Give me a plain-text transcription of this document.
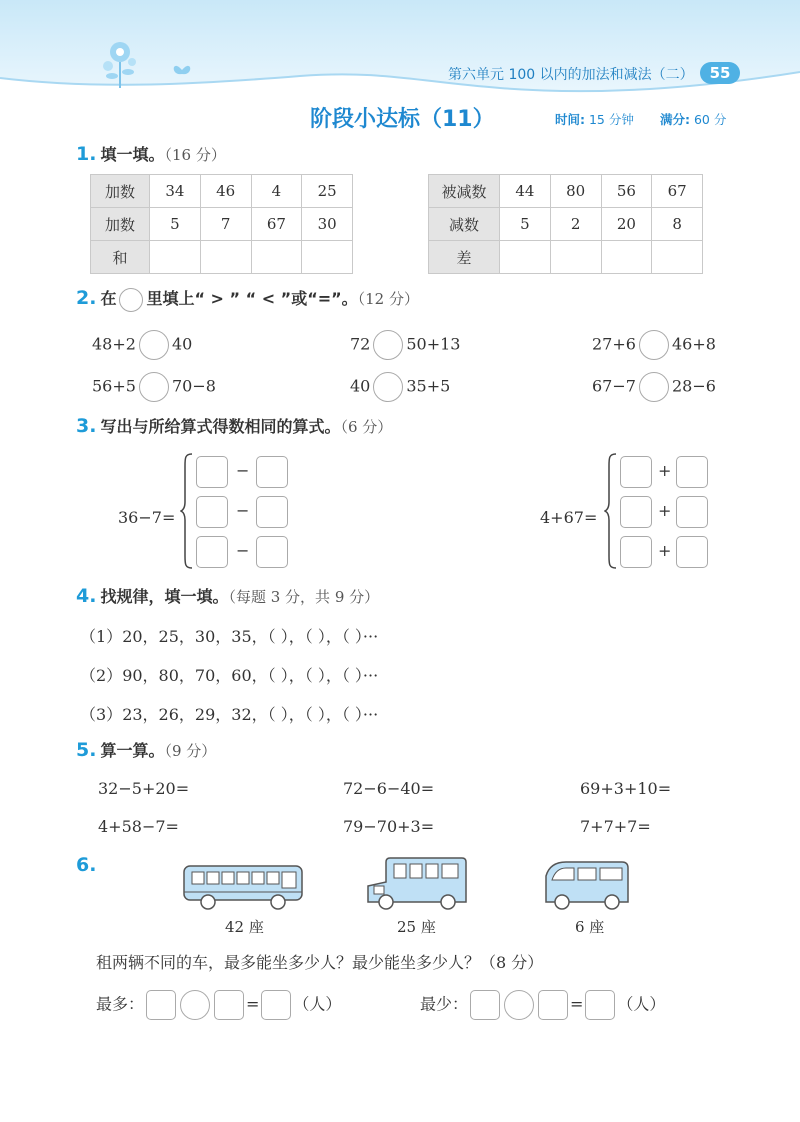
第六单元 100 以内的加法和减法（二）	55
阶段小达标（11）	时间: 15 分钟 满分: 60 分
1. 填一填。（16 分）
加数	34	46	4	25
加数	5	7	67	30
和				
被减数	44	80	56	67
减数	5	2	20	8
差				
2. 在 里填上“ > ” “ < ”或“=”。（12 分）
48+2 40	72 50+13	27+6 46+8
56+5 70−8	40 35+5	67−7 28−6
3. 写出与所给算式得数相同的算式。（6 分）
36−7=
−
−
−
4+67=
+
+
+
4. 找规律，填一填。（每题 3 分，共 9 分）
（1）20，25，30，35，（ ），（ ），（ ）···
（2）90，80，70，60，（ ），（ ），（ ）···
（3）23，26，29，32，（ ），（ ），（ ）···
5. 算一算。（9 分）
32−5+20=	72−6−40=	69+3+10=
4+58−7=	79−70+3=	7+7+7=
6.
42 座	25 座	6 座
租两辆不同的车，最多能坐多少人？最少能坐多少人？（8 分）
最多：	= （人）	最少：	= （人）
